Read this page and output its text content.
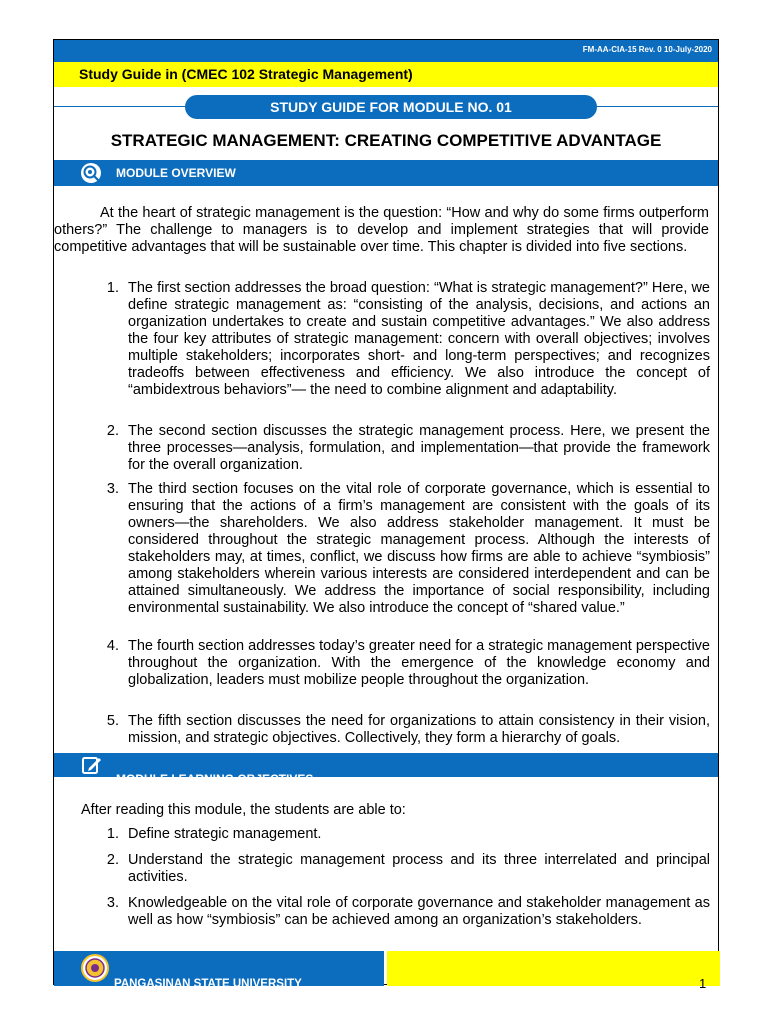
FM-AA-CIA-15 Rev. 0 10-July-2020
Study Guide in (CMEC 102 Strategic Management)
STUDY GUIDE FOR MODULE NO. 01
STRATEGIC MANAGEMENT: CREATING COMPETITIVE ADVANTAGE
MODULE OVERVIEW
At the heart of strategic management is the question: “How and why do some firms outperform others?” The challenge to managers is to develop and implement strategies that will provide competitive advantages that will be sustainable over time. This chapter is divided into five sections.
1. The first section addresses the broad question: “What is strategic management?” Here, we define strategic management as: “consisting of the analysis, decisions, and actions an organization undertakes to create and sustain competitive advantages.” We also address the four key attributes of strategic management: concern with overall objectives; involves multiple stakeholders; incorporates short- and long-term perspectives; and recognizes tradeoffs between effectiveness and efficiency. We also introduce the concept of “ambidextrous behaviors”— the need to combine alignment and adaptability.
2. The second section discusses the strategic management process. Here, we present the three processes—analysis, formulation, and implementation—that provide the framework for the overall organization.
3. The third section focuses on the vital role of corporate governance, which is essential to ensuring that the actions of a firm’s management are consistent with the goals of its owners—the shareholders. We also address stakeholder management. It must be considered throughout the strategic management process. Although the interests of stakeholders may, at times, conflict, we discuss how firms are able to achieve “symbiosis” among stakeholders wherein various interests are considered interdependent and can be attained simultaneously. We address the importance of social responsibility, including environmental sustainability. We also introduce the concept of “shared value.”
4. The fourth section addresses today’s greater need for a strategic management perspective throughout the organization. With the emergence of the knowledge economy and globalization, leaders must mobilize people throughout the organization.
5. The fifth section discusses the need for organizations to attain consistency in their vision, mission, and strategic objectives. Collectively, they form a hierarchy of goals.
MODULE LEARNING OBJECTIVES
After reading this module, the students are able to:
1. Define strategic management.
2. Understand the strategic management process and its three interrelated and principal activities.
3. Knowledgeable on the vital role of corporate governance and stakeholder management as well as how “symbiosis” can be achieved among an organization’s stakeholders.
PANGASINAN STATE UNIVERSITY	1
